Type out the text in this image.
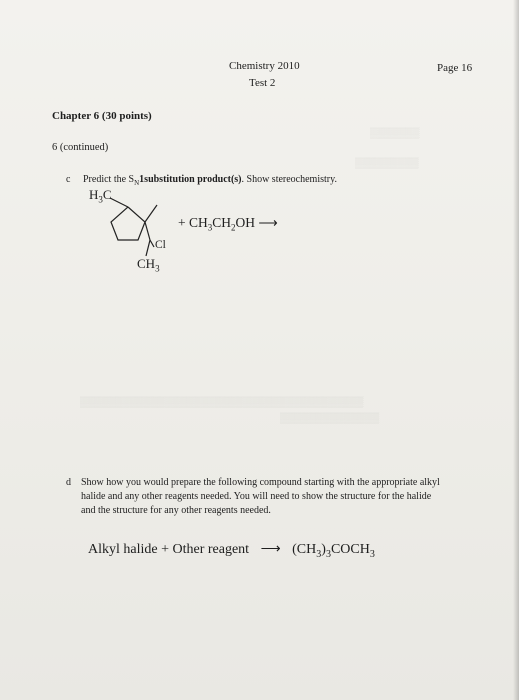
▒▒▒▒▒▒▒
▒▒▒▒▒▒▒▒▒
▒▒▒▒▒▒▒▒▒▒▒▒▒▒▒▒▒▒▒▒▒▒▒▒▒▒▒▒▒▒▒▒▒▒▒▒▒▒▒▒
▒▒▒▒▒▒▒▒▒▒▒▒▒▒
Chemistry 2010
Test 2
Page 16
Chapter 6 (30 points)
6 (continued)
c Predict the $S_N1substitution$ product(s). Show stereochemistry.
$H_3C$
$CH_3$
Cl
+ $CH_3CH_2OH$ ⟶
d Show how you would prepare the following compound starting with the appropriate alkyl
halide and any other reagents needed. You will need to show the structure for the halide
and the structure for any other reagents needed.
Alkyl halide + Other reagent ⟶ $(CH_3)_3COCH_3$
